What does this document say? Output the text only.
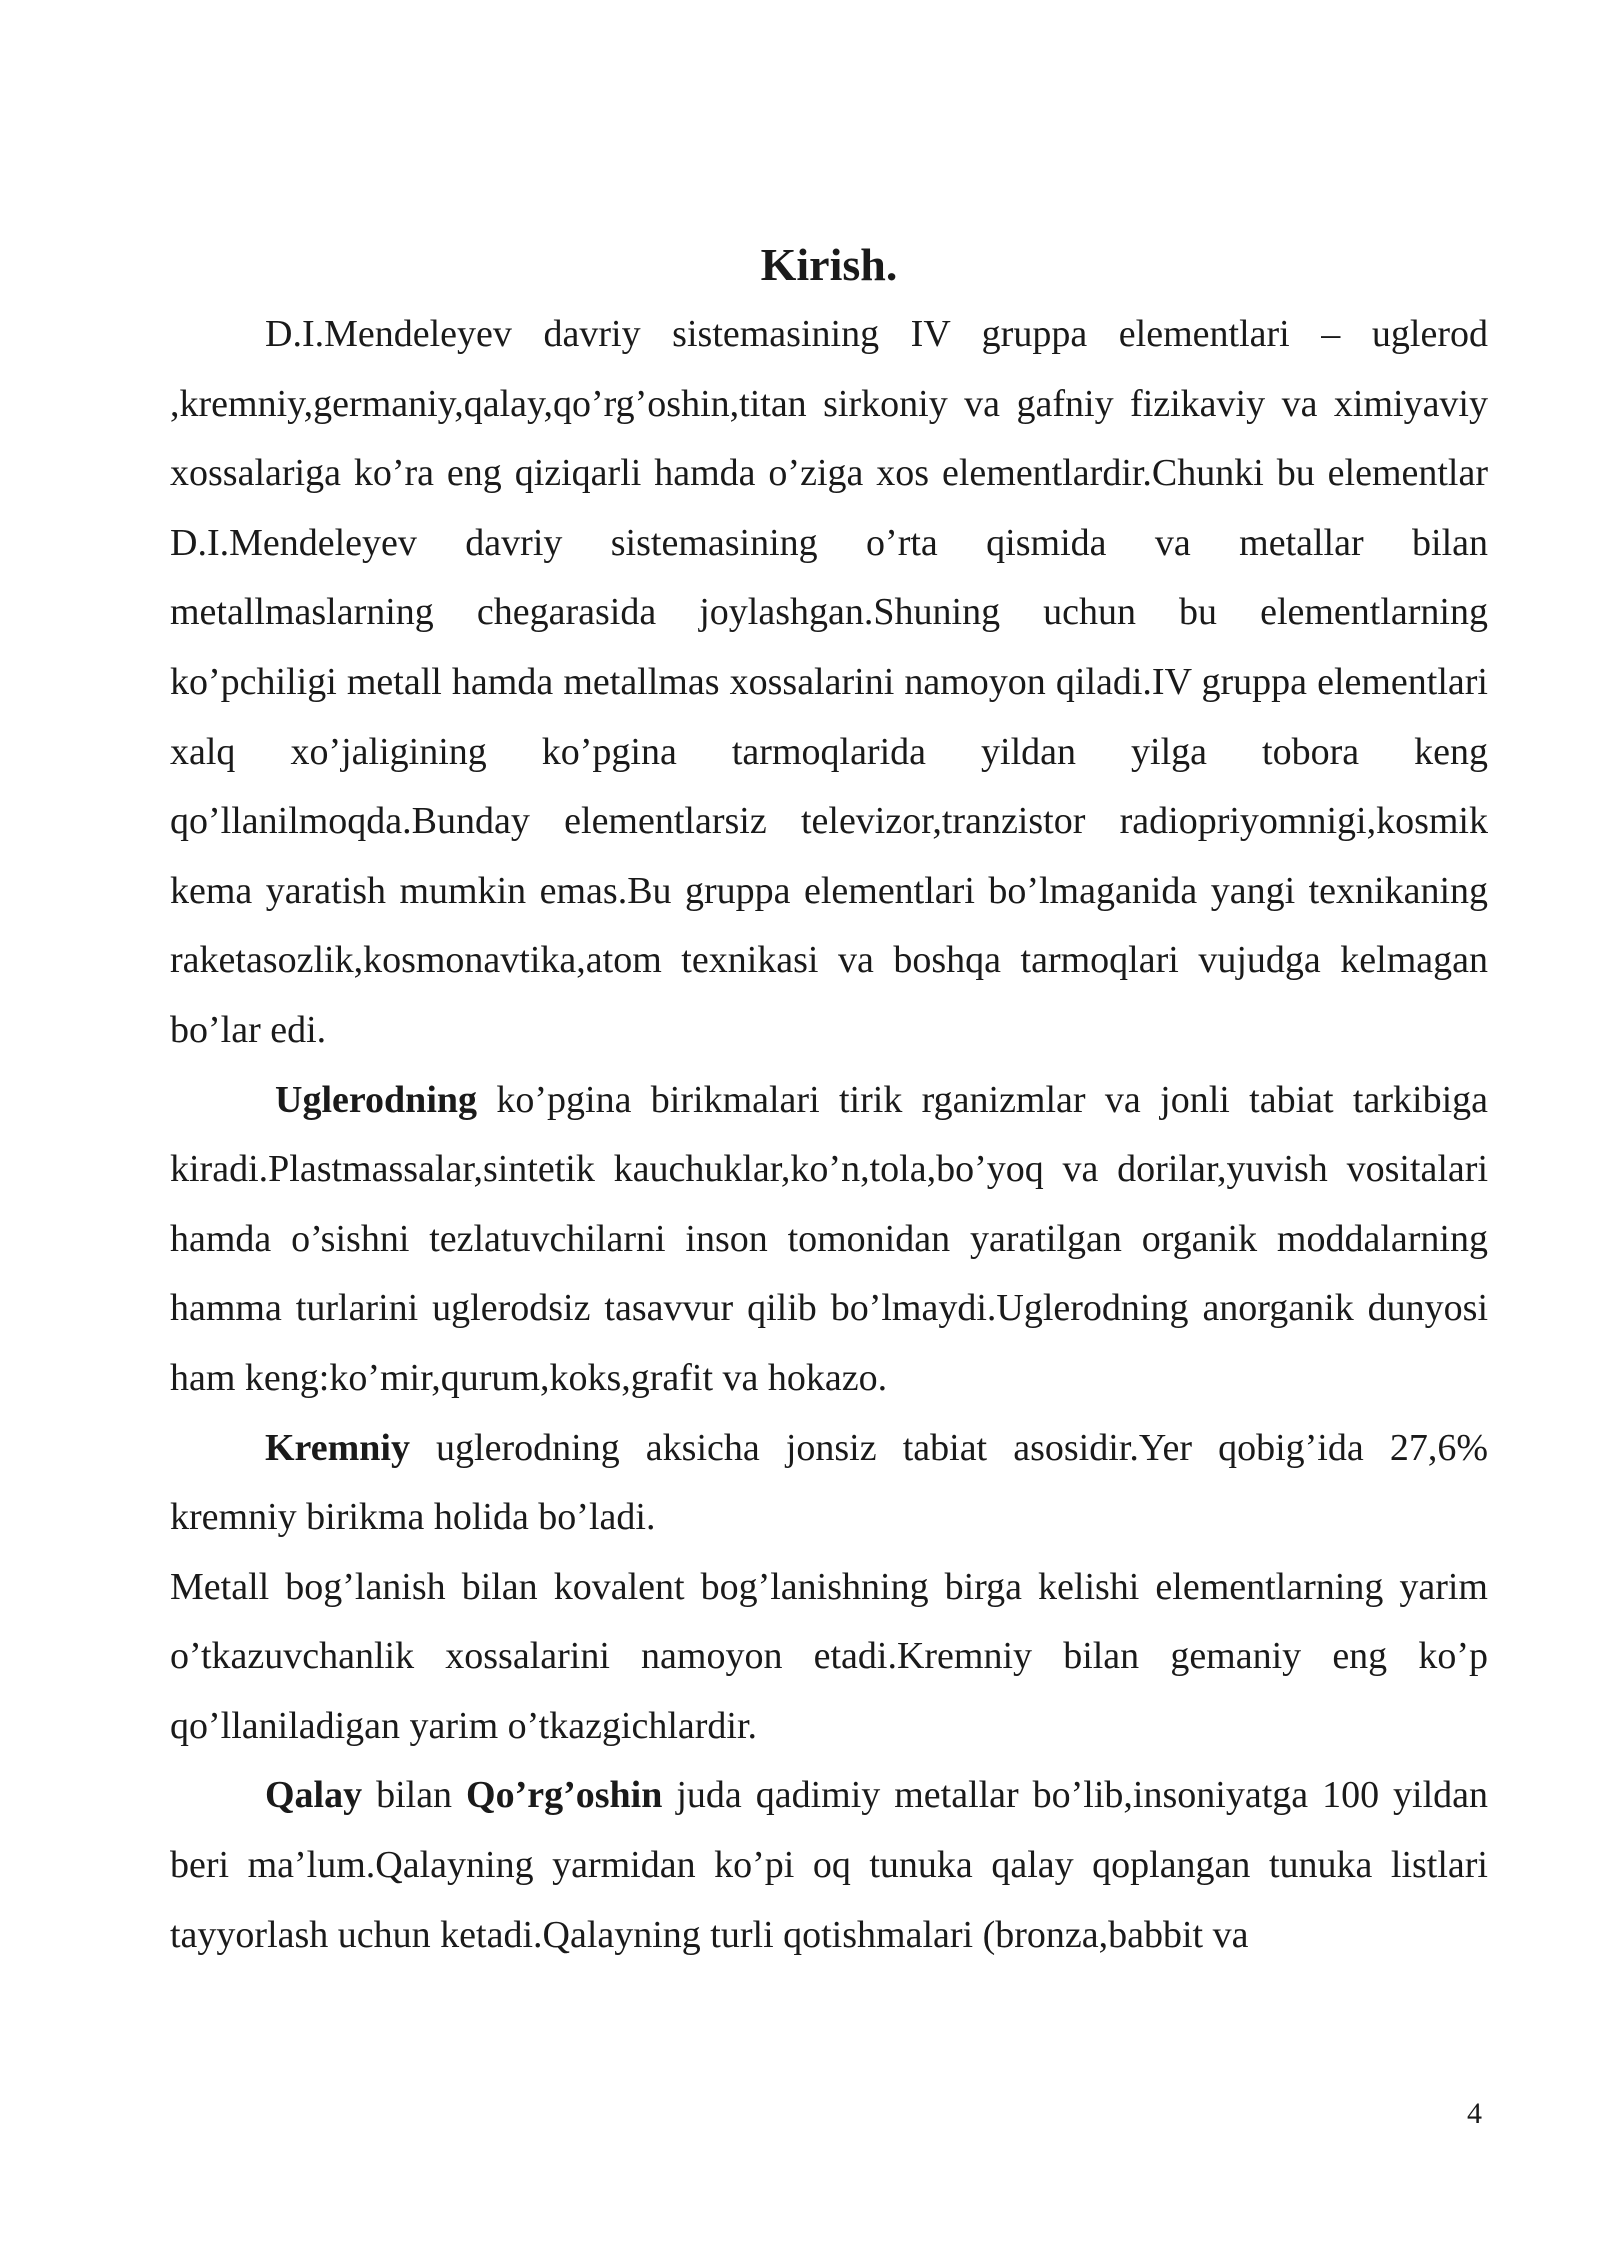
Kirish.

D.I.Mendeleyev davriy sistemasining IV gruppa elementlari – uglerod ,kremniy,germaniy,qalay,qo’rg’oshin,titan sirkoniy va gafniy fizikaviy va ximiyaviy xossalariga ko’ra eng qiziqarli hamda o’ziga xos elementlardir.Chunki bu elementlar D.I.Mendeleyev davriy sistemasining o’rta qismida va metallar bilan metallmaslarning chegarasida joylashgan.Shuning uchun bu elementlarning ko’pchiligi metall hamda metallmas xossalarini namoyon qiladi.IV gruppa elementlari xalq xo’jaligining ko’pgina tarmoqlarida yildan yilga tobora keng qo’llanilmoqda.Bunday elementlarsiz televizor,tranzistor radiopriyomnigi,kosmik kema yaratish mumkin emas.Bu gruppa elementlari bo’lmaganida yangi texnikaning raketasozlik,kosmonavtika,atom texnikasi va boshqa tarmoqlari vujudga kelmagan bo’lar edi.

Uglerodning ko’pgina birikmalari tirik rganizmlar va jonli tabiat tarkibiga kiradi.Plastmassalar,sintetik kauchuklar,ko’n,tola,bo’yoq va dorilar,yuvish vositalari hamda o’sishni tezlatuvchilarni inson tomonidan yaratilgan organik moddalarning hamma turlarini uglerodsiz tasavvur qilib bo’lmaydi.Uglerodning anorganik dunyosi ham keng:ko’mir,qurum,koks,grafit va hokazo.

Kremniy uglerodning aksicha jonsiz tabiat asosidir.Yer qobig’ida 27,6% kremniy birikma holida bo’ladi.

Metall bog’lanish bilan kovalent bog’lanishning birga kelishi elementlarning yarim o’tkazuvchanlik xossalarini namoyon etadi.Kremniy bilan gemaniy eng ko’p qo’llaniladigan yarim o’tkazgichlardir.

Qalay bilan Qo’rg’oshin juda qadimiy metallar bo’lib,insoniyatga 100 yildan beri ma’lum.Qalayning yarmidan ko’pi oq tunuka qalay qoplangan tunuka listlari tayyorlash uchun ketadi.Qalayning turli qotishmalari (bronza,babbit va

4
